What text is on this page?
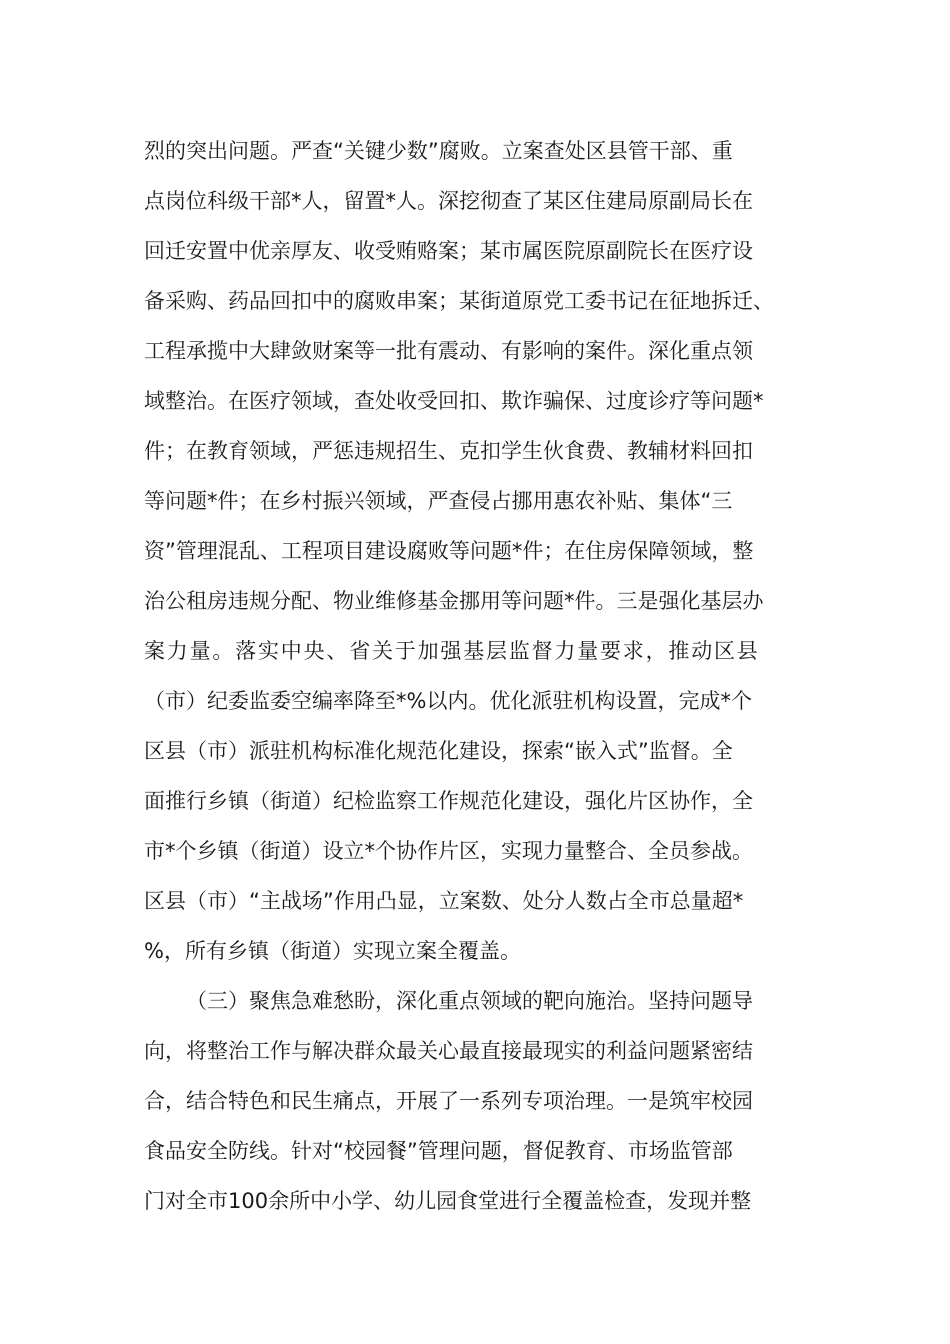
烈的突出问题。严查“关键少数”腐败。立案查处区县管干部、重

点岗位科级干部*人，留置*人。深挖彻查了某区住建局原副局长在

回迁安置中优亲厚友、收受贿赂案；某市属医院原副院长在医疗设

备采购、药品回扣中的腐败串案；某街道原党工委书记在征地拆迁、

工程承揽中大肆敛财案等一批有震动、有影响的案件。深化重点领

域整治。在医疗领域，查处收受回扣、欺诈骗保、过度诊疗等问题*

件；在教育领域，严惩违规招生、克扣学生伙食费、教辅材料回扣

等问题*件；在乡村振兴领域，严查侵占挪用惠农补贴、集体“三

资”管理混乱、工程项目建设腐败等问题*件；在住房保障领域，整

治公租房违规分配、物业维修基金挪用等问题*件。三是强化基层办

案力量。落实中央、省关于加强基层监督力量要求，推动区县

（市）纪委监委空编率降至*%以内。优化派驻机构设置，完成*个

区县（市）派驻机构标准化规范化建设，探索“嵌入式”监督。全

面推行乡镇（街道）纪检监察工作规范化建设，强化片区协作，全

市*个乡镇（街道）设立*个协作片区，实现力量整合、全员参战。

区县（市）“主战场”作用凸显，立案数、处分人数占全市总量超*

%，所有乡镇（街道）实现立案全覆盖。

（三）聚焦急难愁盼，深化重点领域的靶向施治。坚持问题导

向，将整治工作与解决群众最关心最直接最现实的利益问题紧密结

合，结合特色和民生痛点，开展了一系列专项治理。一是筑牢校园

食品安全防线。针对“校园餐”管理问题，督促教育、市场监管部

门对全市100余所中小学、幼儿园食堂进行全覆盖检查，发现并整
